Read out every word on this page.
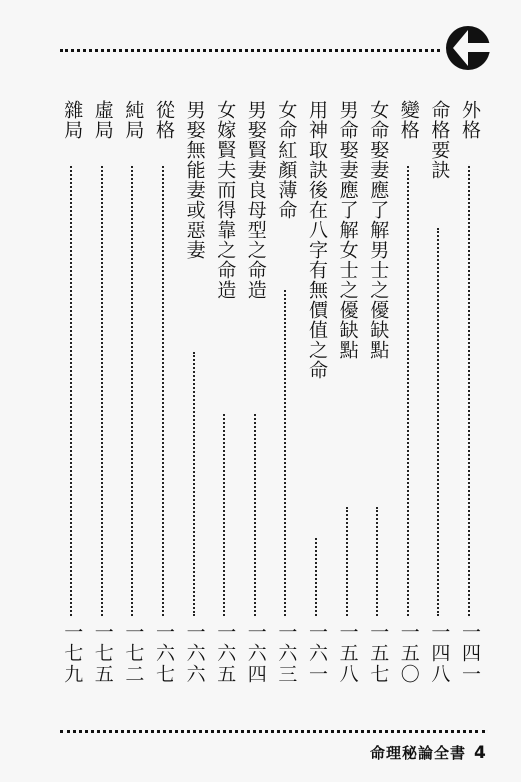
外格
一四一
命格要訣
一四八
變格
一五〇
女命娶妻應了解男士之優缺點
一五七
男命娶妻應了解女士之優缺點
一五八
用神取訣後在八字有無價值之命
一六一
女命紅顏薄命
一六三
男娶賢妻良母型之命造
一六四
女嫁賢夫而得靠之命造
一六五
男娶無能妻或惡妻
一六六
從格
一六七
純局
一七二
虛局
一七五
雜局
一七九
命理秘論全書 4
